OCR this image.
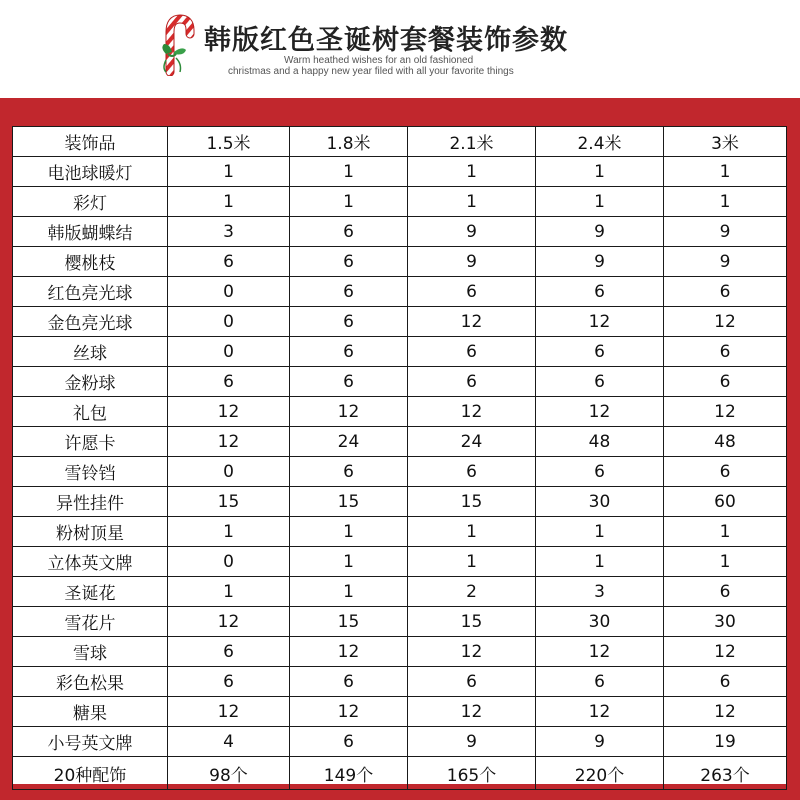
韩版红色圣诞树套餐装饰参数
Warm heathed wishes for an old fashioned
christmas and a happy new year filed with all your favorite things
装饰品	1.5米	1.8米	2.1米	2.4米	3米
电池球暖灯	1	1	1	1	1
彩灯	1	1	1	1	1
韩版蝴蝶结	3	6	9	9	9
樱桃枝	6	6	9	9	9
红色亮光球	0	6	6	6	6
金色亮光球	0	6	12	12	12
丝球	0	6	6	6	6
金粉球	6	6	6	6	6
礼包	12	12	12	12	12
许愿卡	12	24	24	48	48
雪铃铛	0	6	6	6	6
异性挂件	15	15	15	30	60
粉树顶星	1	1	1	1	1
立体英文牌	0	1	1	1	1
圣诞花	1	1	2	3	6
雪花片	12	15	15	30	30
雪球	6	12	12	12	12
彩色松果	6	6	6	6	6
糖果	12	12	12	12	12
小号英文牌	4	6	9	9	19
20种配饰	98个	149个	165个	220个	263个
